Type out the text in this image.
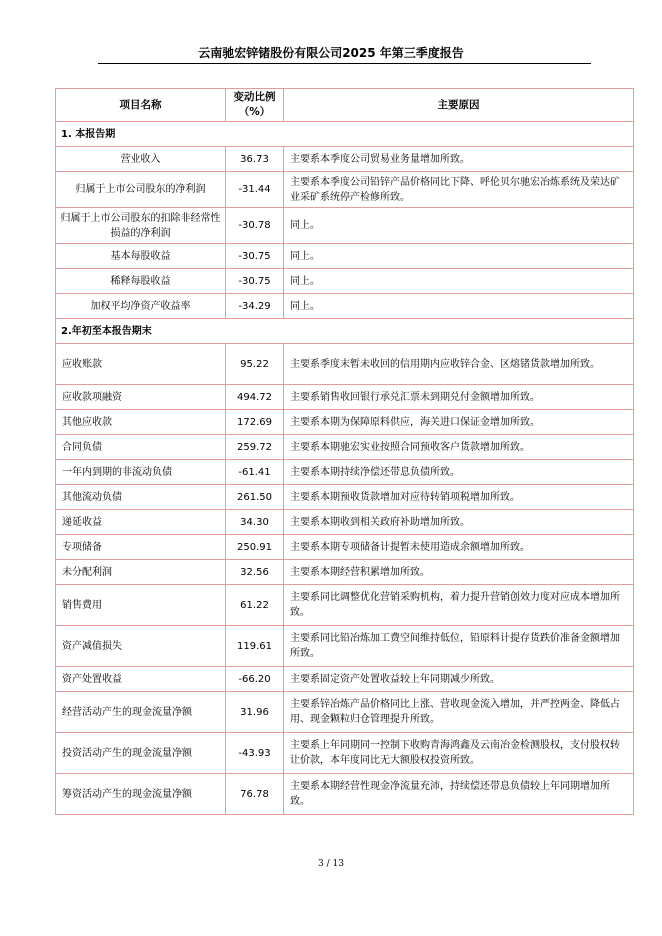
云南驰宏锌锗股份有限公司2025 年第三季度报告
项目名称	变动比例（%）	主要原因
1. 本报告期		
营业收入	36.73	主要系本季度公司贸易业务量增加所致。
归属于上市公司股东的净利润	-31.44	主要系本季度公司铅锌产品价格同比下降、呼伦贝尔驰宏冶炼系统及荣达矿业采矿系统停产检修所致。
归属于上市公司股东的扣除非经常性损益的净利润	-30.78	同上。
基本每股收益	-30.75	同上。
稀释每股收益	-30.75	同上。
加权平均净资产收益率	-34.29	同上。
2.年初至本报告期末		
应收账款	95.22	主要系季度末暂未收回的信用期内应收锌合金、区熔锗货款增加所致。
应收款项融资	494.72	主要系销售收回银行承兑汇票未到期兑付金额增加所致。
其他应收款	172.69	主要系本期为保障原料供应，海关进口保证金增加所致。
合同负债	259.72	主要系本期驰宏实业按照合同预收客户货款增加所致。
一年内到期的非流动负债	-61.41	主要系本期持续净偿还带息负债所致。
其他流动负债	261.50	主要系本期预收货款增加对应待转销项税增加所致。
递延收益	34.30	主要系本期收到相关政府补助增加所致。
专项储备	250.91	主要系本期专项储备计提暂未使用造成余额增加所致。
未分配利润	32.56	主要系本期经营积累增加所致。
销售费用	61.22	主要系同比调整优化营销采购机构，着力提升营销创效力度对应成本增加所致。
资产减值损失	119.61	主要系同比铅冶炼加工费空间维持低位，铅原料计提存货跌价准备金额增加所致。
资产处置收益	-66.20	主要系固定资产处置收益较上年同期减少所致。
经营活动产生的现金流量净额	31.96	主要系锌冶炼产品价格同比上涨、营收现金流入增加，并严控两金、降低占用、现金颗粒归仓管理提升所致。
投资活动产生的现金流量净额	-43.93	主要系上年同期同一控制下收购青海鸿鑫及云南冶金检测股权，支付股权转让价款，本年度同比无大额股权投资所致。
筹资活动产生的现金流量净额	76.78	主要系本期经营性现金净流量充沛，持续偿还带息负债较上年同期增加所致。
3 / 13
